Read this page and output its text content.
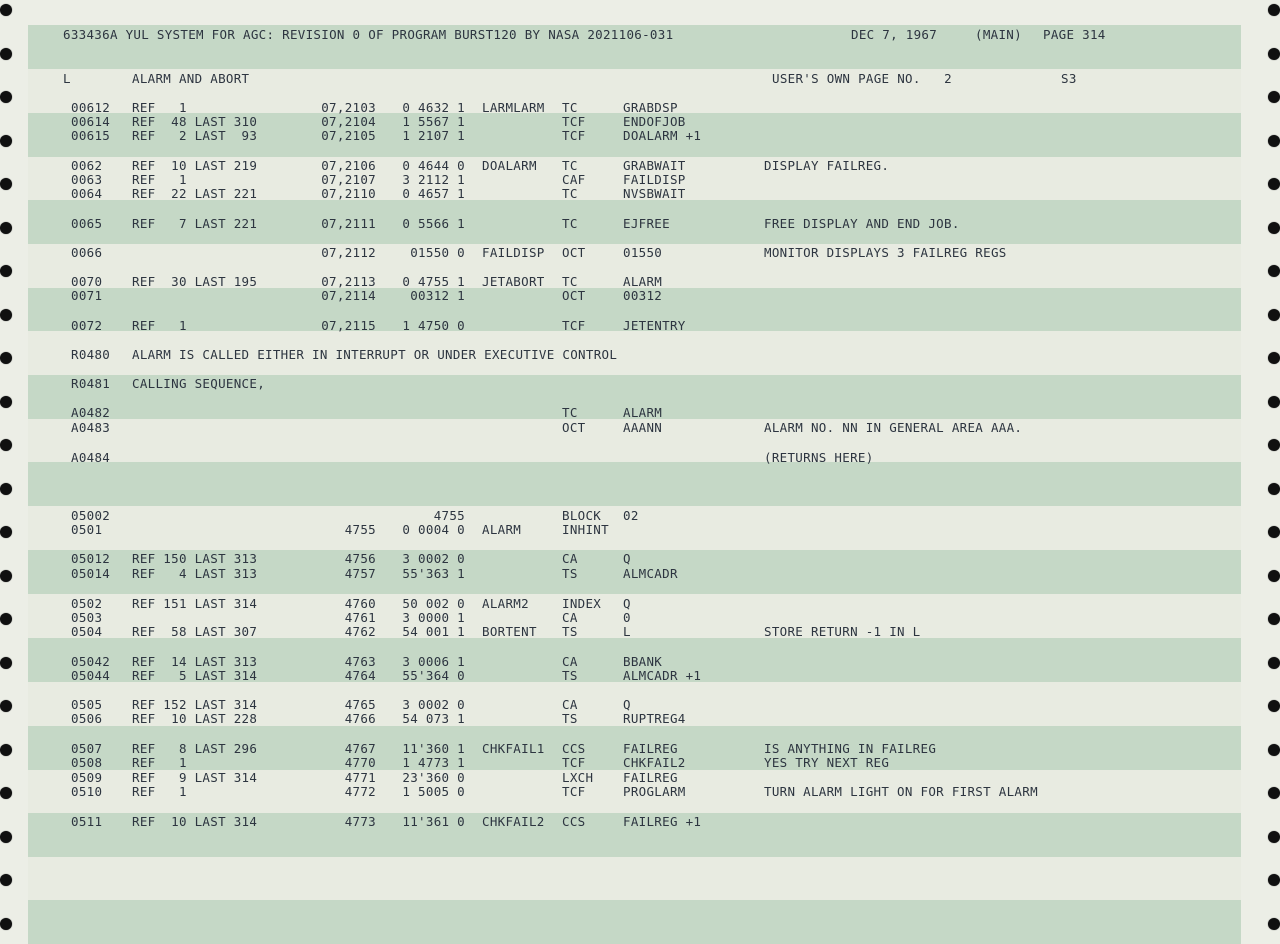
633436A YUL SYSTEM FOR AGC: REVISION 0 OF PROGRAM BURST120 BY NASA 2021106-031	DEC 7, 1967	(MAIN) PAGE 314
L	ALARM AND ABORT	USER'S OWN PAGE NO.   2	S3
00612 REF   1	07,2103 0 4632 1 LARMLARM TC	GRABDSP
00614 REF  48 LAST 310	07,2104 1 5567 1	TCF	ENDOFJOB
00615 REF   2 LAST  93	07,2105 1 2107 1	TCF	DOALARM +1
0062 REF  10 LAST 219	07,2106 0 4644 0 DOALARM TC	GRABWAIT	DISPLAY FAILREG.
0063 REF   1	07,2107 3 2112 1	CAF	FAILDISP
0064 REF  22 LAST 221	07,2110 0 4657 1	TC	NVSBWAIT
0065 REF   7 LAST 221	07,2111 0 5566 1	TC	EJFREE	FREE DISPLAY AND END JOB.
0066	07,2112 01550 0 FAILDISP OCT	01550	MONITOR DISPLAYS 3 FAILREG REGS
0070 REF  30 LAST 195	07,2113 0 4755 1 JETABORT TC	ALARM
0071	07,2114 00312 1	OCT	00312
0072 REF   1	07,2115 1 4750 0	TCF	JETENTRY
R0480 ALARM IS CALLED EITHER IN INTERRUPT OR UNDER EXECUTIVE CONTROL
R0481 CALLING SEQUENCE,
A0482	TC	ALARM
A0483	OCT	AAANN	ALARM NO. NN IN GENERAL AREA AAA.
A0484	(RETURNS HERE)
05002	4755	BLOCK 02
0501	4755 0 0004 0 ALARM	INHINT
05012 REF 150 LAST 313	4756 3 0002 0	CA	Q
05014 REF   4 LAST 313	4757 55'363 1	TS	ALMCADR
0502 REF 151 LAST 314	4760 50 002 0 ALARM2	INDEX Q
0503	4761 3 0000 1	CA	0
0504 REF  58 LAST 307	4762 54 001 1 BORTENT TS	L	STORE RETURN -1 IN L
05042 REF  14 LAST 313	4763 3 0006 1	CA	BBANK
05044 REF   5 LAST 314	4764 55'364 0	TS	ALMCADR +1
0505 REF 152 LAST 314	4765 3 0002 0	CA	Q
0506 REF  10 LAST 228	4766 54 073 1	TS	RUPTREG4
0507 REF   8 LAST 296	4767 11'360 1 CHKFAIL1 CCS	FAILREG	IS ANYTHING IN FAILREG
0508 REF   1	4770 1 4773 1	TCF	CHKFAIL2	YES TRY NEXT REG
0509 REF   9 LAST 314	4771 23'360 0	LXCH FAILREG
0510 REF   1	4772 1 5005 0	TCF	PROGLARM	TURN ALARM LIGHT ON FOR FIRST ALARM
0511 REF  10 LAST 314	4773 11'361 0 CHKFAIL2 CCS	FAILREG +1
